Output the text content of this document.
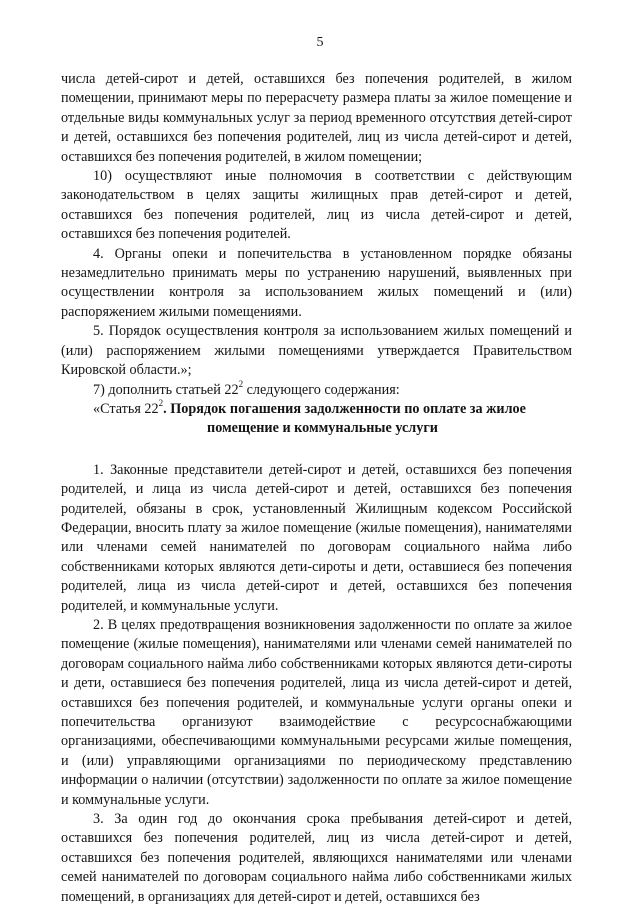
5

числа детей-сирот и детей, оставшихся без попечения родителей, в жилом помещении, принимают меры по перерасчету размера платы за жилое помещение и отдельные виды коммунальных услуг за период временного отсутствия детей-сирот и детей, оставшихся без попечения родителей, лиц из числа детей-сирот и детей, оставшихся без попечения родителей, в жилом помещении;

10) осуществляют иные полномочия в соответствии с действующим законодательством в целях защиты жилищных прав детей-сирот и детей, оставшихся без попечения родителей, лиц из числа детей-сирот и детей, оставшихся без попечения родителей.

4. Органы опеки и попечительства в установленном порядке обязаны незамедлительно принимать меры по устранению нарушений, выявленных при осуществлении контроля за использованием жилых помещений и (или) распоряжением жилыми помещениями.

5. Порядок осуществления контроля за использованием жилых помещений и (или) распоряжением жилыми помещениями утверждается Правительством Кировской области.»;

7) дополнить статьей $22^2$ следующего содержания:

«Статья $22^2$. Порядок погашения задолженности по оплате за жилое

помещение и коммунальные услуги

1. Законные представители детей-сирот и детей, оставшихся без попечения родителей, и лица из числа детей-сирот и детей, оставшихся без попечения родителей, обязаны в срок, установленный Жилищным кодексом Российской Федерации, вносить плату за жилое помещение (жилые помещения), нанимателями или членами семей нанимателей по договорам социального найма либо собственниками которых являются дети-сироты и дети, оставшиеся без попечения родителей, лица из числа детей-сирот и детей, оставшихся без попечения родителей, и коммунальные услуги.

2. В целях предотвращения возникновения задолженности по оплате за жилое помещение (жилые помещения), нанимателями или членами семей нанимателей по договорам социального найма либо собственниками которых являются дети-сироты и дети, оставшиеся без попечения родителей, лица из числа детей-сирот и детей, оставшихся без попечения родителей, и коммунальные услуги органы опеки и попечительства организуют взаимодействие с ресурсоснабжающими организациями, обеспечивающими коммунальными ресурсами жилые помещения, и (или) управляющими организациями по периодическому представлению информации о наличии (отсутствии) задолженности по оплате за жилое помещение и коммунальные услуги.

3. За один год до окончания срока пребывания детей-сирот и детей, оставшихся без попечения родителей, лиц из числа детей-сирот и детей, оставшихся без попечения родителей, являющихся нанимателями или членами семей нанимателей по договорам социального найма либо собственниками жилых помещений, в организациях для детей-сирот и детей, оставшихся без
